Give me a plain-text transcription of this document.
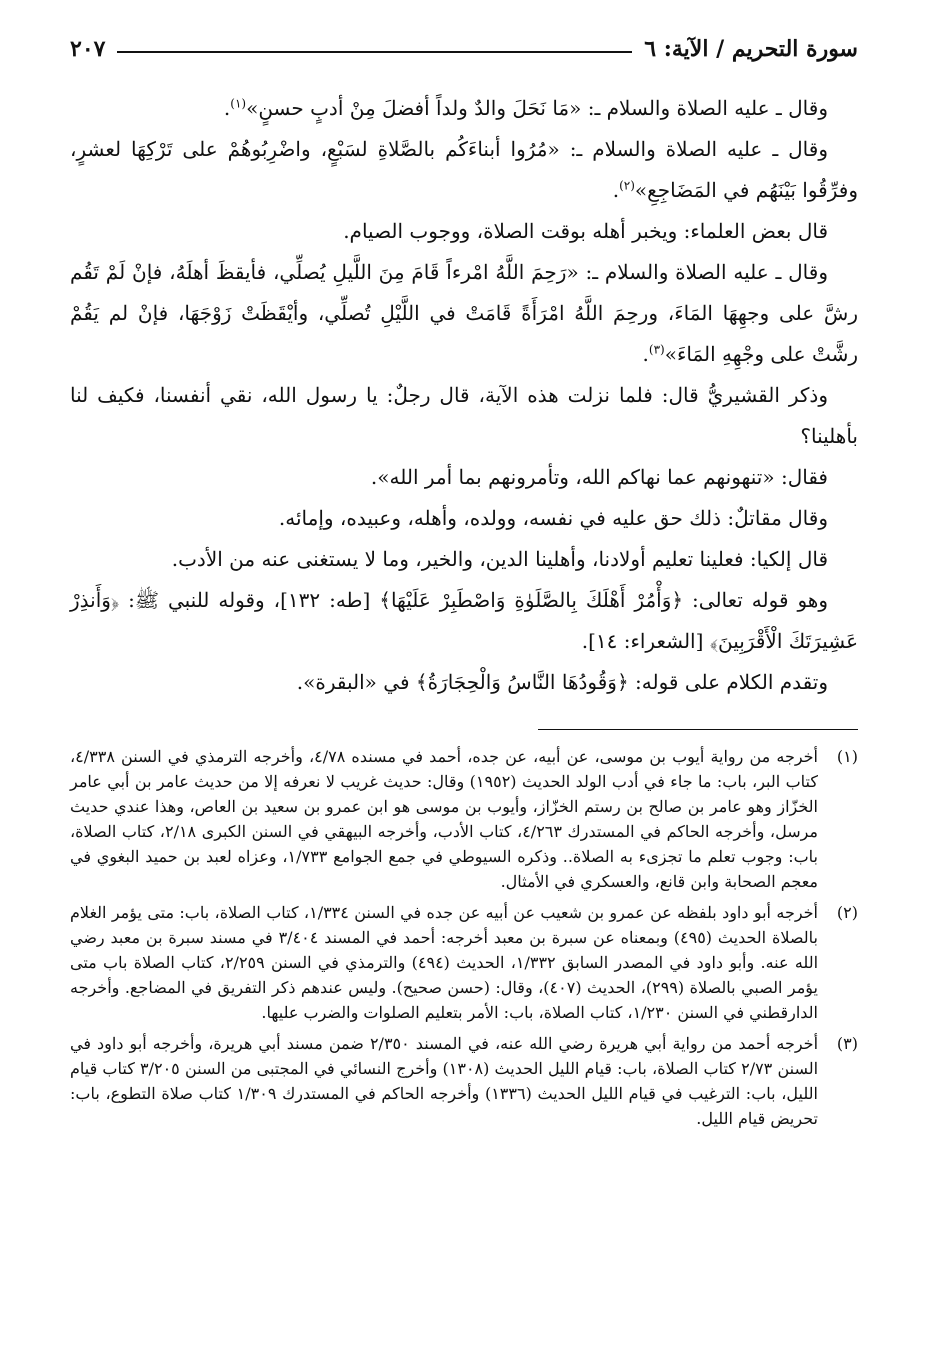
سورة التحريم / الآية: ٦
٢٠٧

وقال ـ عليه الصلاة والسلام ـ: «مَا نَحَلَ والدٌ ولداً أفضلَ مِنْ أدبٍ حسنٍ»$^{(١)}$.

وقال ـ عليه الصلاة والسلام ـ: «مُرُوا أبناءَكُم بالصَّلاةِ لسَبْعٍ، واضْرِبُوهُمْ على تَرْكِهَا لعشرٍ، وفرِّقُوا بَيْنَهُم في المَضَاجِعِ»$^{(٢)}$.

قال بعض العلماء: ويخبر أهله بوقت الصلاة، ووجوب الصيام.

وقال ـ عليه الصلاة والسلام ـ: «رَحِمَ اللَّهُ امْرءاً قَامَ مِنَ اللَّيلِ يُصلِّي، فأيقظَ أهلَهُ، فإنْ لَمْ تَقُم رشَّ على وجهِهَا المَاءَ، ورحِمَ اللَّهُ امْرَأَةً قَامَتْ في اللَّيْلِ تُصلِّي، وأيْقَظَتْ زَوْجَهَا، فإنْ لم يَقُمْ رشَّتْ على وجْهِهِ المَاءَ»$^{(٣)}$.

وذكر القشيريُّ قال: فلما نزلت هذه الآية، قال رجلٌ: يا رسول الله، نقي أنفسنا، فكيف لنا بأهلينا؟

فقال: «تنهونهم عما نهاكم الله، وتأمرونهم بما أمر الله».

وقال مقاتلٌ: ذلك حق عليه في نفسه، وولده، وأهله، وعبيده، وإمائه.

قال إلكيا: فعلينا تعليم أولادنا، وأهلينا الدين، والخير، وما لا يستغنى عنه من الأدب.

وهو قوله تعالى: ﴿وَأْمُرْ أَهْلَكَ بِالصَّلَوٰةِ وَاصْطَبِرْ عَلَيْهَا﴾ [طه: ١٣٢]، وقوله للنبي ﷺ: ﴿وَأَنذِرْ عَشِيرَتَكَ الْأَقْرَبِينَ﴾ [الشعراء: ١٤].

وتقدم الكلام على قوله: ﴿وَقُودُهَا النَّاسُ وَالْحِجَارَةُ﴾ في «البقرة».

(١)
أخرجه من رواية أيوب بن موسى، عن أبيه، عن جده، أحمد في مسنده ٤/٧٨، وأخرجه الترمذي في السنن ٤/٣٣٨، كتاب البر، باب: ما جاء في أدب الولد الحديث (١٩٥٢) وقال: حديث غريب لا نعرفه إلا من حديث عامر بن أبي عامر الخزّاز وهو عامر بن صالح بن رستم الخزّاز، وأيوب بن موسى هو ابن عمرو بن سعيد بن العاص، وهذا عندي حديث مرسل، وأخرجه الحاكم في المستدرك ٤/٢٦٣، كتاب الأدب، وأخرجه البيهقي في السنن الكبرى ٢/١٨، كتاب الصلاة، باب: وجوب تعلم ما تجزىء به الصلاة.. وذكره السيوطي في جمع الجوامع ١/٧٣٣، وعزاه لعبد بن حميد البغوي في معجم الصحابة وابن قانع، والعسكري في الأمثال.
(٢)
أخرجه أبو داود بلفظه عن عمرو بن شعيب عن أبيه عن جده في السنن ١/٣٣٤، كتاب الصلاة، باب: متى يؤمر الغلام بالصلاة الحديث (٤٩٥) وبمعناه عن سبرة بن معبد أخرجه: أحمد في المسند ٣/٤٠٤ في مسند سبرة بن معبد رضي الله عنه. وأبو داود في المصدر السابق ١/٣٣٢، الحديث (٤٩٤) والترمذي في السنن ٢/٢٥٩، كتاب الصلاة باب متى يؤمر الصبي بالصلاة (٢٩٩)، الحديث (٤٠٧)، وقال: (حسن صحيح). وليس عندهم ذكر التفريق في المضاجع. وأخرجه الدارقطني في السنن ١/٢٣٠، كتاب الصلاة، باب: الأمر بتعليم الصلوات والضرب عليها.
(٣)
أخرجه أحمد من رواية أبي هريرة رضي الله عنه، في المسند ٢/٣٥٠ ضمن مسند أبي هريرة، وأخرجه أبو داود في السنن ٢/٧٣ كتاب الصلاة، باب: قيام الليل الحديث (١٣٠٨) وأخرج النسائي في المجتبى من السنن ٣/٢٠٥ كتاب قيام الليل، باب: الترغيب في قيام الليل الحديث (١٣٣٦) وأخرجه الحاكم في المستدرك ١/٣٠٩ كتاب صلاة التطوع، باب: تحريض قيام الليل.
